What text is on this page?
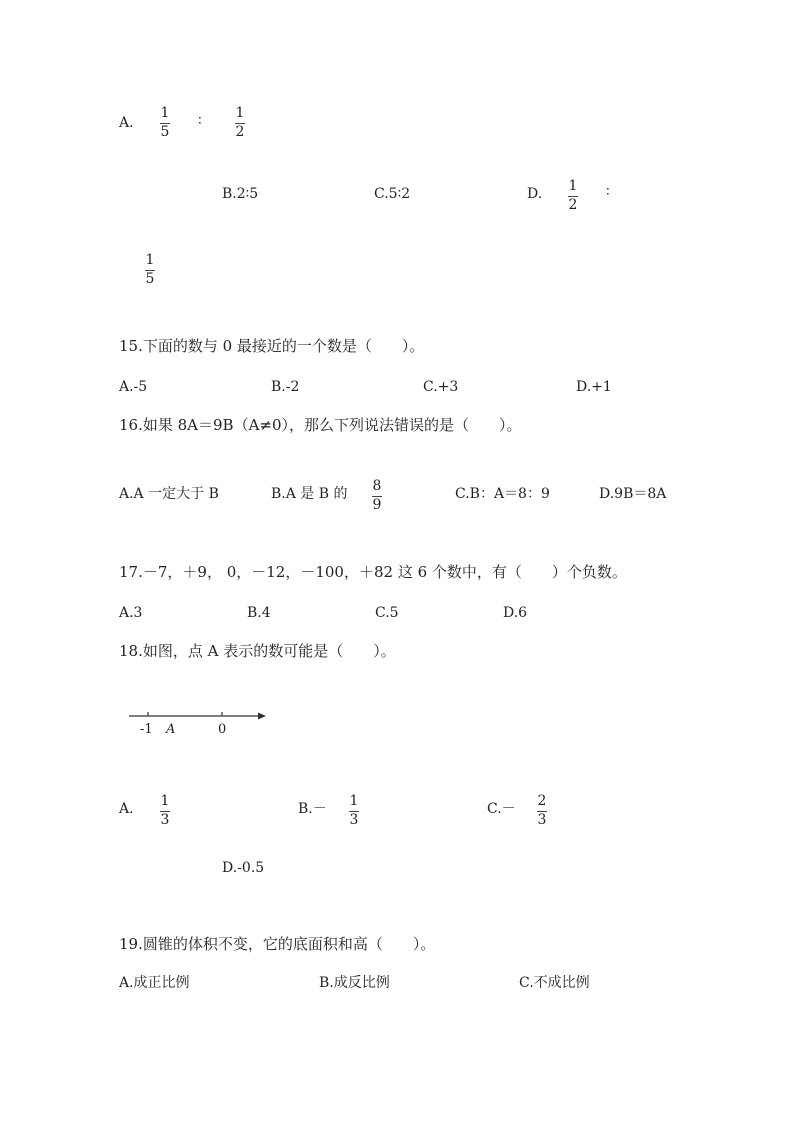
A.
1
5
∶ 1
2
B.2∶5	C.5∶2	D. 1
2
∶
1
5
15.下面的数与 0 最接近的一个数是（　　）。
A.-5	B.-2	C.+3	D.+1
16.如果 8A＝9B（A≠0），那么下列说法错误的是（　　）。
A.A 一定大于 B	B.A 是 B 的 8
9
C.B：A＝8：9	D.9B＝8A
17.－7，＋9， 0，－12，－100，＋82 这 6 个数中，有（　　）个负数。
A.3	B.4	C.5	D.6
18.如图，点 A 表示的数可能是（　　）。
-1 A	0
A. 1
3
B.－ 1
3
C.－ 2
3
D.-0.5
19.圆锥的体积不变，它的底面积和高（　　）。
A.成正比例	B.成反比例	C.不成比例
